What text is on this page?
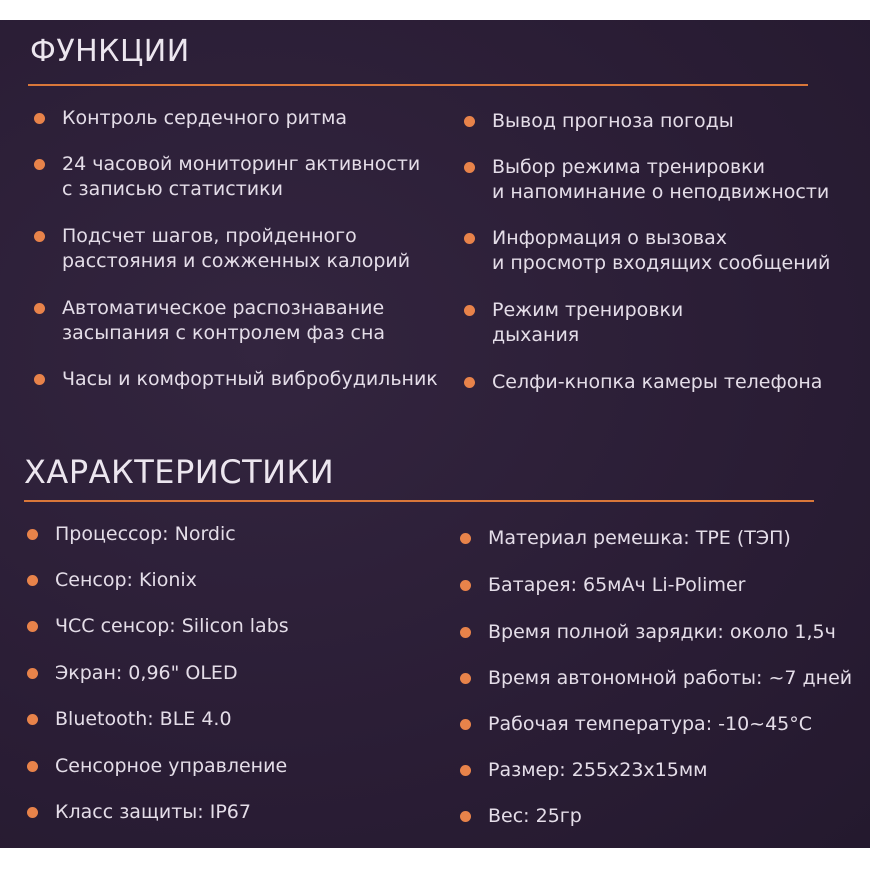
ФУНКЦИИ
Контроль сердечного ритма
24 часовой мониторинг активности
с записью статистики
Подсчет шагов, пройденного
расстояния и сожженных калорий
Автоматическое распознавание
засыпания с контролем фаз сна
Часы и комфортный вибробудильник
Вывод прогноза погоды
Выбор режима тренировки
и напоминание о неподвижности
Информация о вызовах
и просмотр входящих сообщений
Режим тренировки
дыхания
Селфи-кнопка камеры телефона
ХАРАКТЕРИСТИКИ
Процессор: Nordic
Сенсор: Kionix
ЧСС сенсор: Silicon labs
Экран: 0,96" OLED
Bluetooth: BLE 4.0
Сенсорное управление
Класс защиты: IP67
Материал ремешка: TPE (ТЭП)
Батарея: 65мАч Li-Polimer
Время полной зарядки: около 1,5ч
Время автономной работы: ~7 дней
Рабочая температура: -10~45°C
Размер: 255x23x15мм
Вес: 25гр
